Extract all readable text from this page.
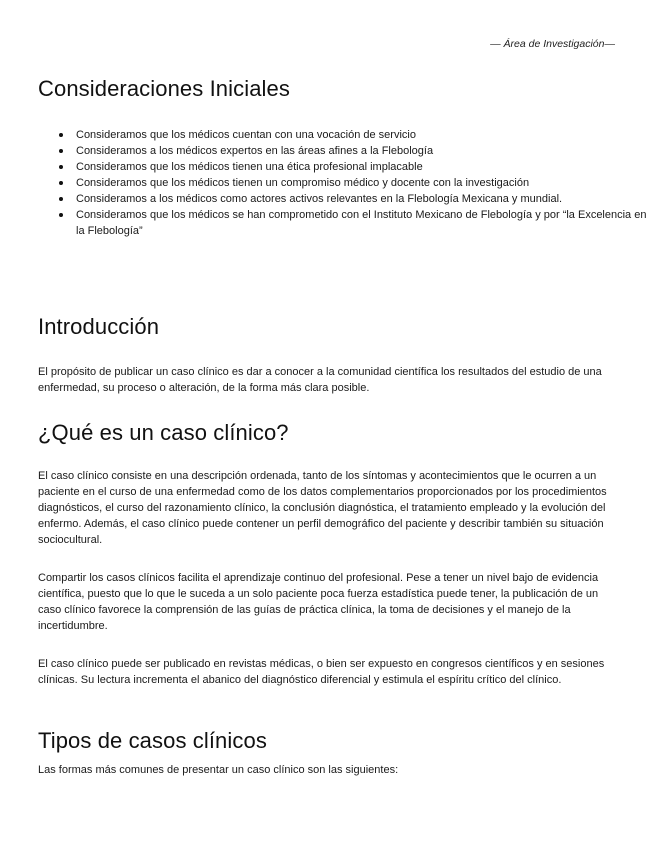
— Área de Investigación—
Consideraciones Iniciales
Consideramos que los médicos cuentan con una vocación de servicio
Consideramos a los médicos expertos en las áreas afines a la Flebología
Consideramos que los médicos tienen una ética profesional implacable
Consideramos que los médicos tienen un compromiso médico y docente con la investigación
Consideramos a los médicos como actores activos relevantes en la Flebología Mexicana y mundial.
Consideramos que los médicos se han comprometido con el Instituto Mexicano de Flebología y por “la Excelencia en la Flebología”
Introducción

El propósito de publicar un caso clínico es dar a conocer a la comunidad científica los resultados del estudio de una enfermedad, su proceso o alteración, de la forma más clara posible.

¿Qué es un caso clínico?

El caso clínico consiste en una descripción ordenada, tanto de los síntomas y acontecimientos que le ocurren a un paciente en el curso de una enfermedad como de los datos complementarios proporcionados por los procedimientos diagnósticos, el curso del razonamiento clínico, la conclusión diagnóstica, el tratamiento empleado y la evolución del enfermo. Además, el caso clínico puede contener un perfil demográfico del paciente y describir también su situación sociocultural.

Compartir los casos clínicos facilita el aprendizaje continuo del profesional. Pese a tener un nivel bajo de evidencia científica, puesto que lo que le suceda a un solo paciente poca fuerza estadística puede tener, la publicación de un caso clínico favorece la comprensión de las guías de práctica clínica, la toma de decisiones y el manejo de la incertidumbre.

El caso clínico puede ser publicado en revistas médicas, o bien ser expuesto en congresos científicos y en sesiones clínicas. Su lectura incrementa el abanico del diagnóstico diferencial y estimula el espíritu crítico del clínico.

Tipos de casos clínicos

Las formas más comunes de presentar un caso clínico son las siguientes:
